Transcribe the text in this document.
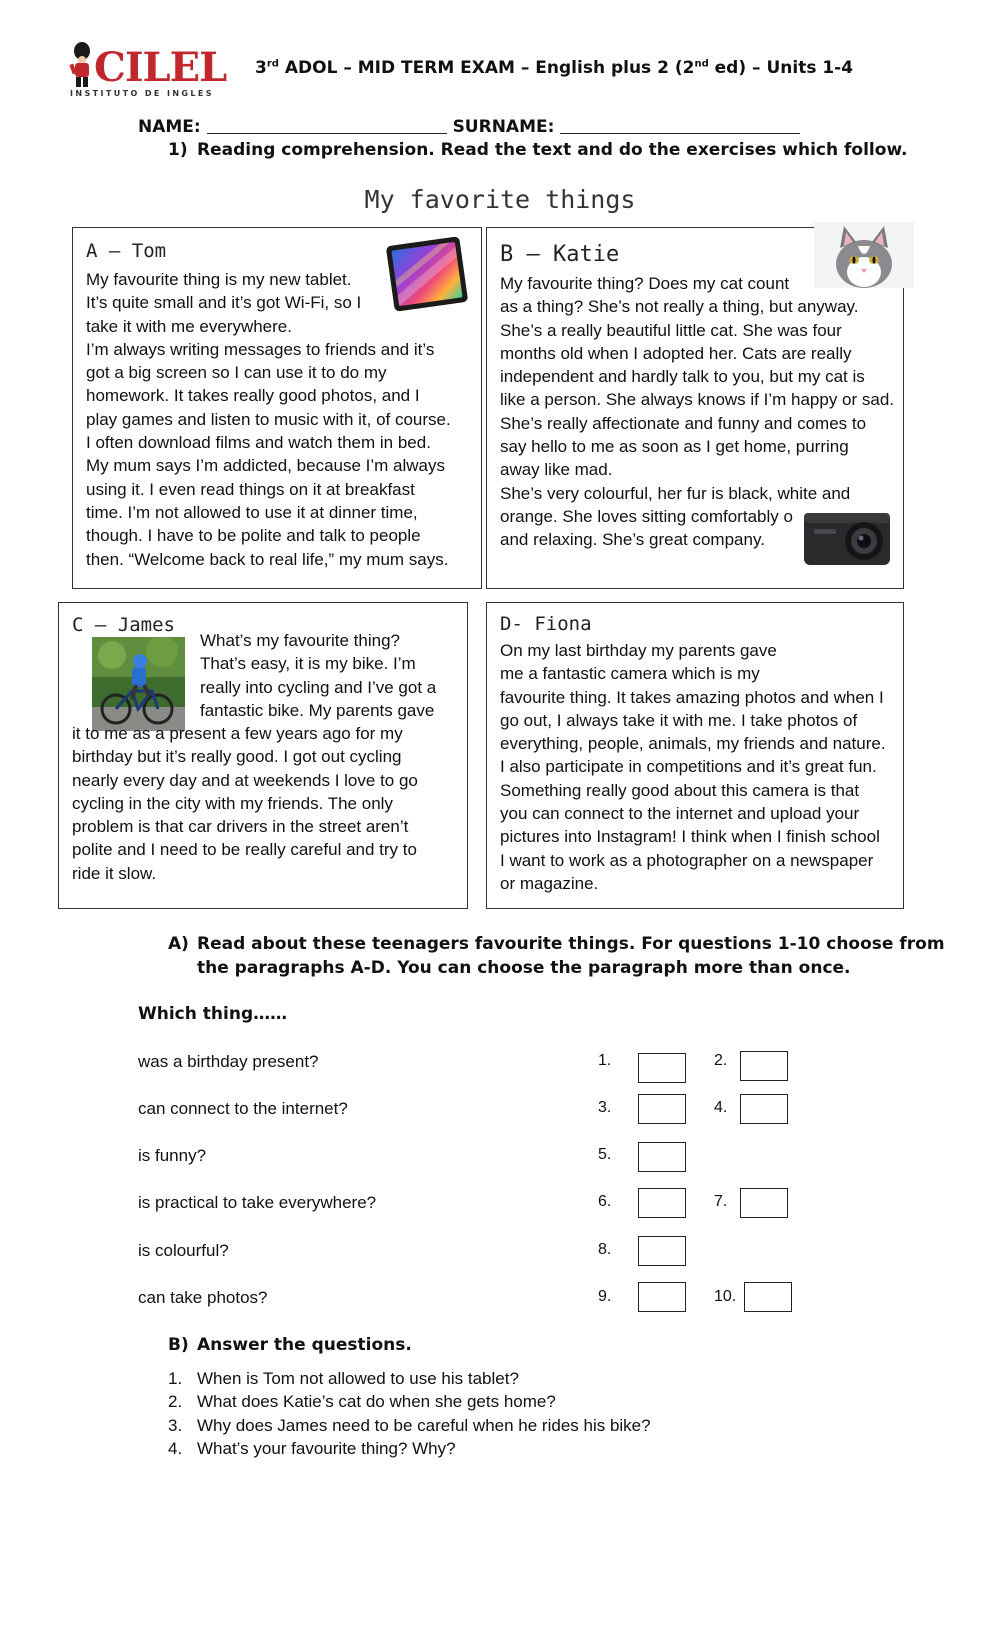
CILEL
INSTITUTO DE INGLES
3rd ADOL – MID TERM EXAM – English plus 2 (2nd ed) – Units 1-4
NAME:	SURNAME:
1) Reading comprehension. Read the text and do the exercises which follow.
My favorite things
A – Tom
My favourite thing is my new tablet.
It’s quite small and it’s got Wi-Fi, so I
take it with me everywhere.
I’m always writing messages to friends and it’s
got a big screen so I can use it to do my
homework. It takes really good photos, and I
play games and listen to music with it, of course.
I often download films and watch them in bed.
My mum says I’m addicted, because I’m always
using it. I even read things on it at breakfast
time. I’m not allowed to use it at dinner time,
though. I have to be polite and talk to people
then. “Welcome back to real life,” my mum says.
B – Katie
My favourite thing? Does my cat count
as a thing? She’s not really a thing, but anyway.
She’s a really beautiful little cat. She was four
months old when I adopted her. Cats are really
independent and hardly talk to you, but my cat is
like a person. She always knows if I’m happy or sad.
She’s really affectionate and funny and comes to
say hello to me as soon as I get home, purring
away like mad.
She’s very colourful, her fur is black, white and
orange. She loves sitting comfortably o
and relaxing. She’s great company.
C – James
What’s my favourite thing?
That’s easy, it is my bike. I’m
really into cycling and I’ve got a
fantastic bike. My parents gave
it to me as a present a few years ago for my
birthday but it’s really good. I got out cycling
nearly every day and at weekends I love to go
cycling in the city with my friends. The only
problem is that car drivers in the street aren’t
polite and I need to be really careful and try to
ride it slow.
D- Fiona
On my last birthday my parents gave
me a fantastic camera which is my
favourite thing. It takes amazing photos and when I
go out, I always take it with me. I take photos of
everything, people, animals, my friends and nature.
I also participate in competitions and it’s great fun.
Something really good about this camera is that
you can connect to the internet and upload your
pictures into Instagram! I think when I finish school
I want to work as a photographer on a newspaper
or magazine.
A) Read about these teenagers favourite things. For questions 1-10 choose from
the paragraphs A-D. You can choose the paragraph more than once.
Which thing……
was a birthday present?	1.	2.
can connect to the internet?	3.	4.
is funny?	5.
is practical to take everywhere?	6.	7.
is colourful?	8.
can take photos?	9.	10.
B) Answer the questions.
1. When is Tom not allowed to use his tablet?
2. What does Katie’s cat do when she gets home?
3. Why does James need to be careful when he rides his bike?
4. What’s your favourite thing? Why?
